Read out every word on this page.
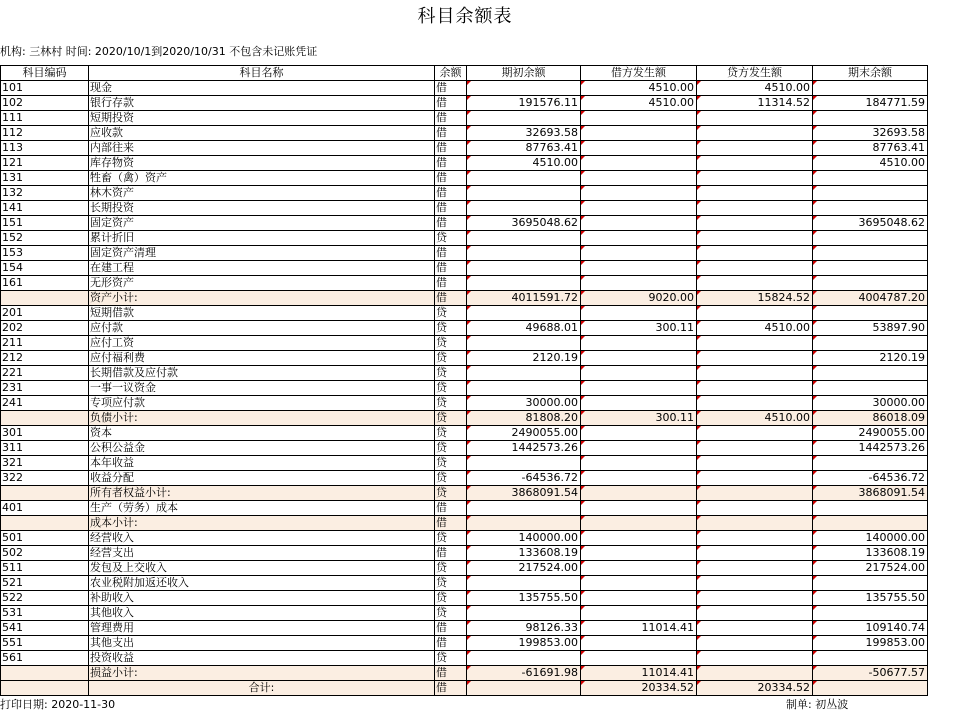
科目余额表
机构: 三林村 时间: 2020/10/1到2020/10/31 不包含未记账凭证
科目编码	科目名称	余额	期初余额	借方发生额	贷方发生额	期末余额
101	现金	借		4510.00	4510.00	
102	银行存款	借	191576.11	4510.00	11314.52	184771.59
111	短期投资	借				
112	应收款	借	32693.58			32693.58
113	内部往来	借	87763.41			87763.41
121	库存物资	借	4510.00			4510.00
131	牲畜（禽）资产	借				
132	林木资产	借				
141	长期投资	借				
151	固定资产	借	3695048.62			3695048.62
152	累计折旧	贷				
153	固定资产清理	借				
154	在建工程	借				
161	无形资产	借				
	资产小计:	借	4011591.72	9020.00	15824.52	4004787.20
201	短期借款	贷				
202	应付款	贷	49688.01	300.11	4510.00	53897.90
211	应付工资	贷				
212	应付福利费	贷	2120.19			2120.19
221	长期借款及应付款	贷				
231	一事一议资金	贷				
241	专项应付款	贷	30000.00			30000.00
	负债小计:	贷	81808.20	300.11	4510.00	86018.09
301	资本	贷	2490055.00			2490055.00
311	公积公益金	贷	1442573.26			1442573.26
321	本年收益	贷				
322	收益分配	贷	-64536.72			-64536.72
	所有者权益小计:	贷	3868091.54			3868091.54
401	生产（劳务）成本	借				
	成本小计:	借				
501	经营收入	贷	140000.00			140000.00
502	经营支出	借	133608.19			133608.19
511	发包及上交收入	贷	217524.00			217524.00
521	农业税附加返还收入	贷				
522	补助收入	贷	135755.50			135755.50
531	其他收入	贷				
541	管理费用	借	98126.33	11014.41		109140.74
551	其他支出	借	199853.00			199853.00
561	投资收益	贷				
	损益小计:	借	-61691.98	11014.41		-50677.57
	合计:	借		20334.52	20334.52	
打印日期: 2020-11-30	制单: 初丛波
